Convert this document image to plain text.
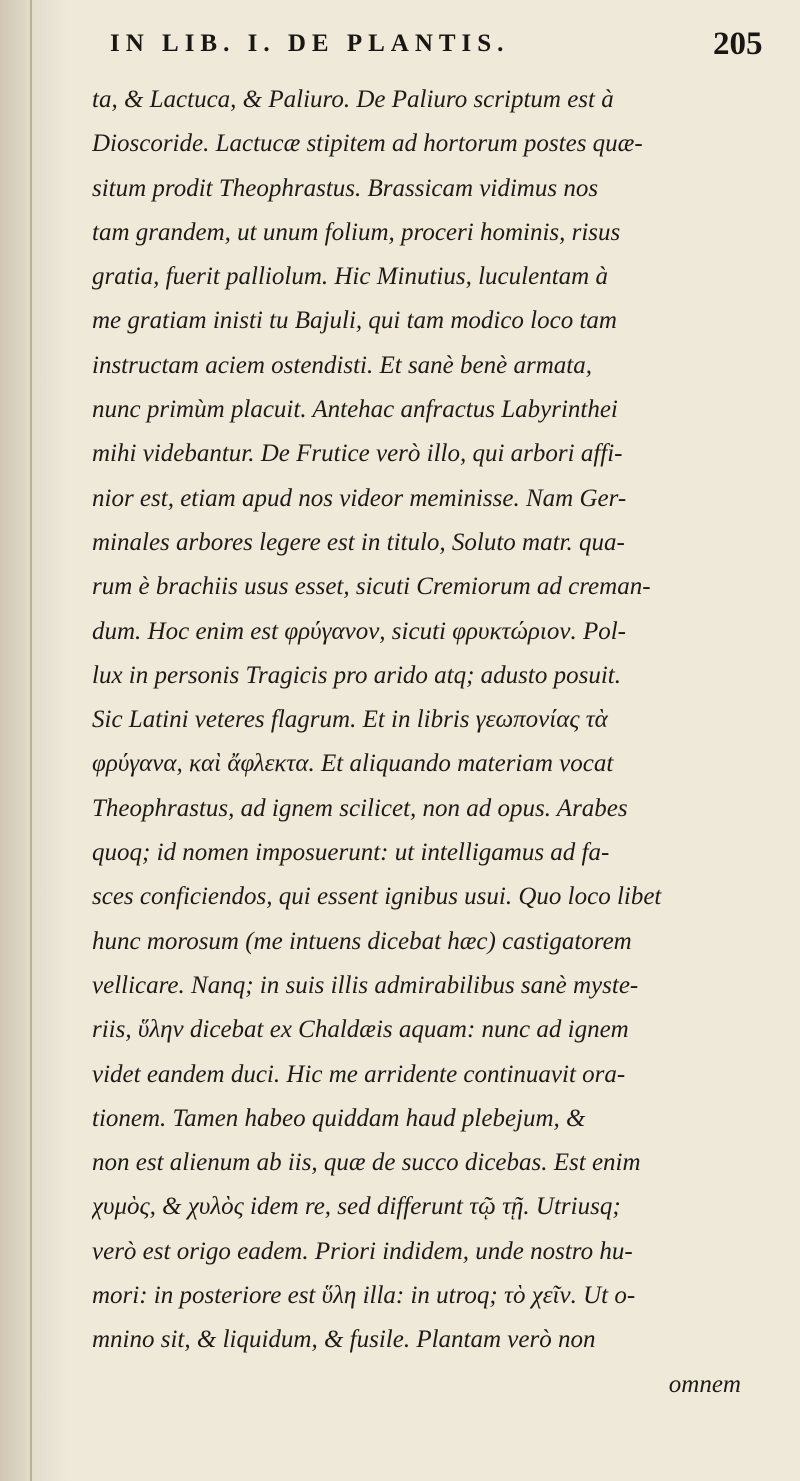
IN LIB. I. DE PLANTIS.	205
ta, & Lactuca, & Paliuro. De Paliuro scriptum est à
Dioscoride. Lactucæ stipitem ad hortorum postes quæ-
situm prodit Theophrastus. Brassicam vidimus nos
tam grandem, ut unum folium, proceri hominis, risus
gratia, fuerit palliolum. Hic Minutius, luculentam à
me gratiam inisti tu Bajuli, qui tam modico loco tam
instructam aciem ostendisti. Et sanè benè armata,
nunc primùm placuit. Antehac anfractus Labyrinthei
mihi videbantur. De Frutice verò illo, qui arbori affi-
nior est, etiam apud nos videor meminisse. Nam Ger-
minales arbores legere est in titulo, Soluto matr. qua-
rum è brachiis usus esset, sicuti Cremiorum ad creman-
dum. Hoc enim est φρύγανον, sicuti φρυκτώριον. Pol-
lux in personis Tragicis pro arido atq; adusto posuit.
Sic Latini veteres flagrum. Et in libris γεωπονίας τὰ
φρύγανα, καὶ ἄφλεκτα. Et aliquando materiam vocat
Theophrastus, ad ignem scilicet, non ad opus. Arabes
quoq; id nomen imposuerunt: ut intelligamus ad fa-
sces conficiendos, qui essent ignibus usui. Quo loco libet
hunc morosum (me intuens dicebat hæc) castigatorem
vellicare. Nanq; in suis illis admirabilibus sanè myste-
riis, ὕλην dicebat ex Chaldæis aquam: nunc ad ignem
videt eandem duci. Hic me arridente continuavit ora-
tionem. Tamen habeo quiddam haud plebejum, &
non est alienum ab iis, quæ de succo dicebas. Est enim
χυμὸς, & χυλὸς idem re, sed differunt τῷ τῇ. Utriusq;
verò est origo eadem. Priori indidem, unde nostro hu-
mori: in posteriore est ὕλη illa: in utroq; τὸ χεῖν. Ut o-
mnino sit, & liquidum, & fusile. Plantam verò non
omnem
